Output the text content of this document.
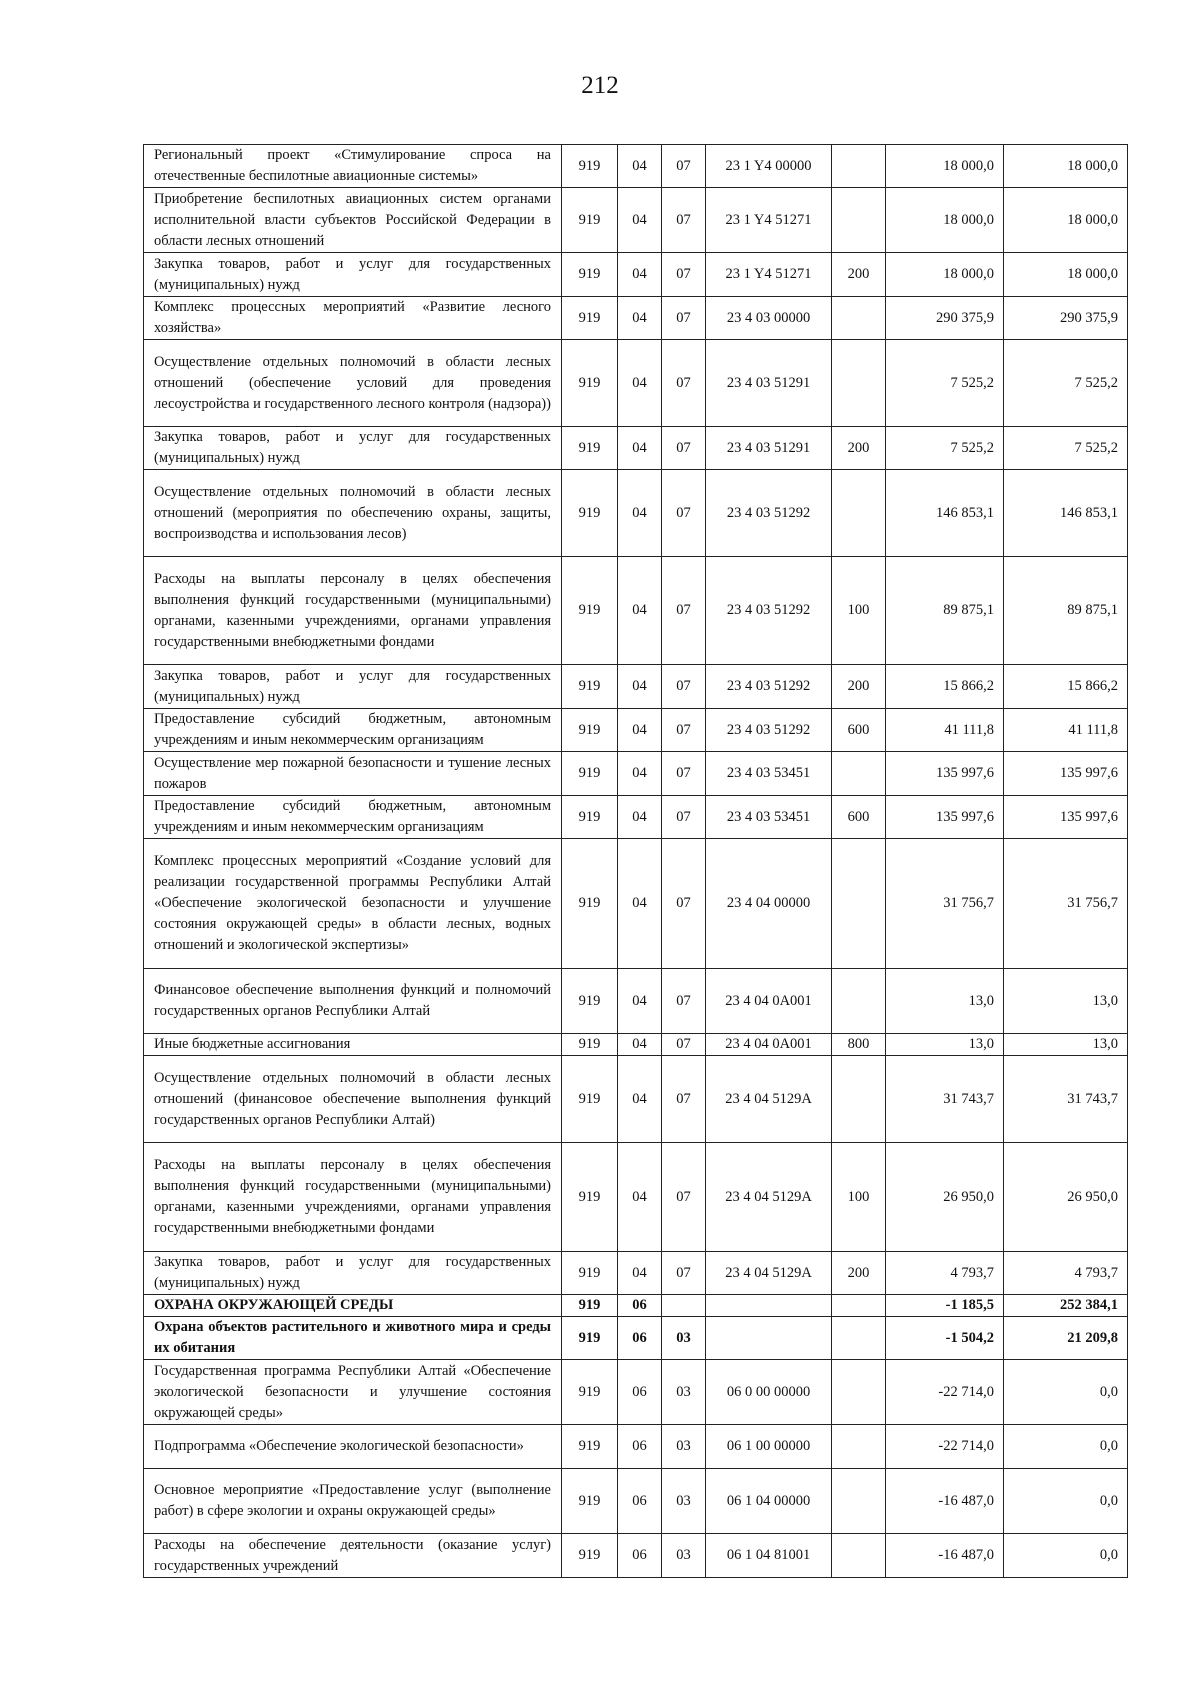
212
Региональный проект «Стимулирование спроса на отечественные беспилотные авиационные системы»	919	04	07	23 1 Y4 00000		18 000,0	18 000,0
Приобретение беспилотных авиационных систем органами исполнительной власти субъектов Российской Федерации в области лесных отношений	919	04	07	23 1 Y4 51271		18 000,0	18 000,0
Закупка товаров, работ и услуг для государственных (муниципальных) нужд	919	04	07	23 1 Y4 51271	200	18 000,0	18 000,0
Комплекс процессных мероприятий «Развитие лесного хозяйства»	919	04	07	23 4 03 00000		290 375,9	290 375,9
Осуществление отдельных полномочий в области лесных отношений (обеспечение условий для проведения лесоустройства и государственного лесного контроля (надзора))	919	04	07	23 4 03 51291		7 525,2	7 525,2
Закупка товаров, работ и услуг для государственных (муниципальных) нужд	919	04	07	23 4 03 51291	200	7 525,2	7 525,2
Осуществление отдельных полномочий в области лесных отношений (мероприятия по обеспечению охраны, защиты, воспроизводства и использования лесов)	919	04	07	23 4 03 51292		146 853,1	146 853,1
Расходы на выплаты персоналу в целях обеспечения выполнения функций государственными (муниципальными) органами, казенными учреждениями, органами управления государственными внебюджетными фондами	919	04	07	23 4 03 51292	100	89 875,1	89 875,1
Закупка товаров, работ и услуг для государственных (муниципальных) нужд	919	04	07	23 4 03 51292	200	15 866,2	15 866,2
Предоставление субсидий бюджетным, автономным учреждениям и иным некоммерческим организациям	919	04	07	23 4 03 51292	600	41 111,8	41 111,8
Осуществление мер пожарной безопасности и тушение лесных пожаров	919	04	07	23 4 03 53451		135 997,6	135 997,6
Предоставление субсидий бюджетным, автономным учреждениям и иным некоммерческим организациям	919	04	07	23 4 03 53451	600	135 997,6	135 997,6
Комплекс процессных мероприятий «Создание условий для реализации государственной программы Республики Алтай «Обеспечение экологической безопасности и улучшение состояния окружающей среды» в области лесных, водных отношений и экологической экспертизы»	919	04	07	23 4 04 00000		31 756,7	31 756,7
Финансовое обеспечение выполнения функций и полномочий государственных органов Республики Алтай	919	04	07	23 4 04 0A001		13,0	13,0
Иные бюджетные ассигнования	919	04	07	23 4 04 0A001	800	13,0	13,0
Осуществление отдельных полномочий в области лесных отношений (финансовое обеспечение выполнения функций государственных органов Республики Алтай)	919	04	07	23 4 04 5129А		31 743,7	31 743,7
Расходы на выплаты персоналу в целях обеспечения выполнения функций государственными (муниципальными) органами, казенными учреждениями, органами управления государственными внебюджетными фондами	919	04	07	23 4 04 5129А	100	26 950,0	26 950,0
Закупка товаров, работ и услуг для государственных (муниципальных) нужд	919	04	07	23 4 04 5129А	200	4 793,7	4 793,7
ОХРАНА ОКРУЖАЮЩЕЙ СРЕДЫ	919	06				-1 185,5	252 384,1
Охрана объектов растительного и животного мира и среды их обитания	919	06	03			-1 504,2	21 209,8
Государственная программа Республики Алтай «Обеспечение экологической безопасности и улучшение состояния окружающей среды»	919	06	03	06 0 00 00000		-22 714,0	0,0
Подпрограмма «Обеспечение экологической безопасности»	919	06	03	06 1 00 00000		-22 714,0	0,0
Основное мероприятие «Предоставление услуг (выполнение работ) в сфере экологии и охраны окружающей среды»	919	06	03	06 1 04 00000		-16 487,0	0,0
Расходы на обеспечение деятельности (оказание услуг) государственных учреждений	919	06	03	06 1 04 81001		-16 487,0	0,0
